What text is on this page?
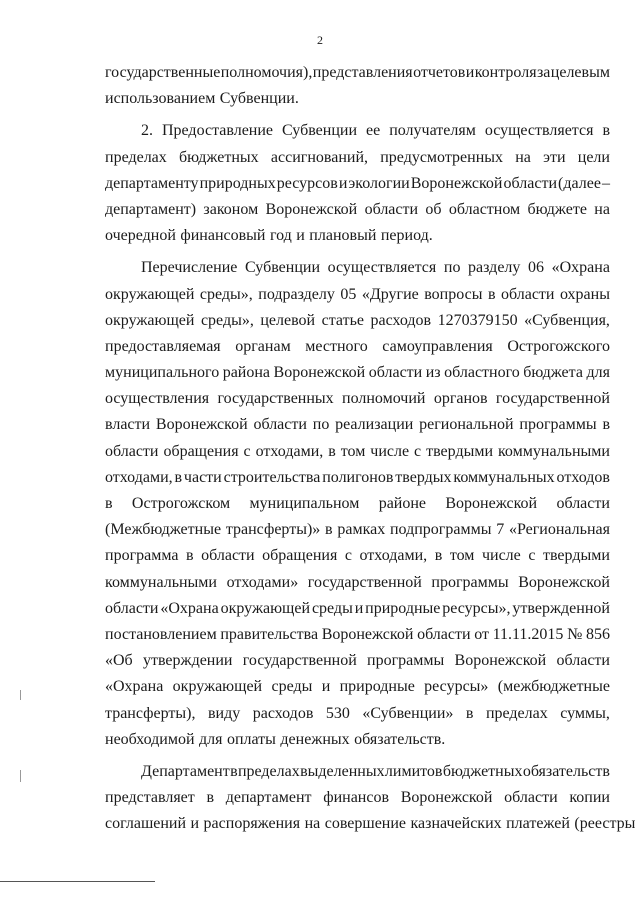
2
государственные полномочия), представления отчетов и контроля за целевым
использованием Субвенции.
2. Предоставление Субвенции ее получателям осуществляется в
пределах бюджетных ассигнований, предусмотренных на эти цели
департаменту природных ресурсов и экологии Воронежской области (далее –
департамент) законом Воронежской области об областном бюджете на
очередной финансовый год и плановый период.
Перечисление Субвенции осуществляется по разделу 06 «Охрана
окружающей среды», подразделу 05 «Другие вопросы в области охраны
окружающей среды», целевой статье расходов 1270379150 «Субвенция,
предоставляемая органам местного самоуправления Острогожского
муниципального района Воронежской области из областного бюджета для
осуществления государственных полномочий органов государственной
власти Воронежской области по реализации региональной программы в
области обращения с отходами, в том числе с твердыми коммунальными
отходами, в части строительства полигонов твердых коммунальных отходов
в Острогожском муниципальном районе Воронежской области
(Межбюджетные трансферты)» в рамках подпрограммы 7 «Региональная
программа в области обращения с отходами, в том числе с твердыми
коммунальными отходами» государственной программы Воронежской
области «Охрана окружающей среды и природные ресурсы», утвержденной
постановлением правительства Воронежской области от 11.11.2015 № 856
«Об утверждении государственной программы Воронежской области
«Охрана окружающей среды и природные ресурсы» (межбюджетные
трансферты), виду расходов 530 «Субвенции» в пределах суммы,
необходимой для оплаты денежных обязательств.
Департамент в пределах выделенных лимитов бюджетных обязательств
представляет в департамент финансов Воронежской области копии
соглашений и распоряжения на совершение казначейских платежей (реестры
